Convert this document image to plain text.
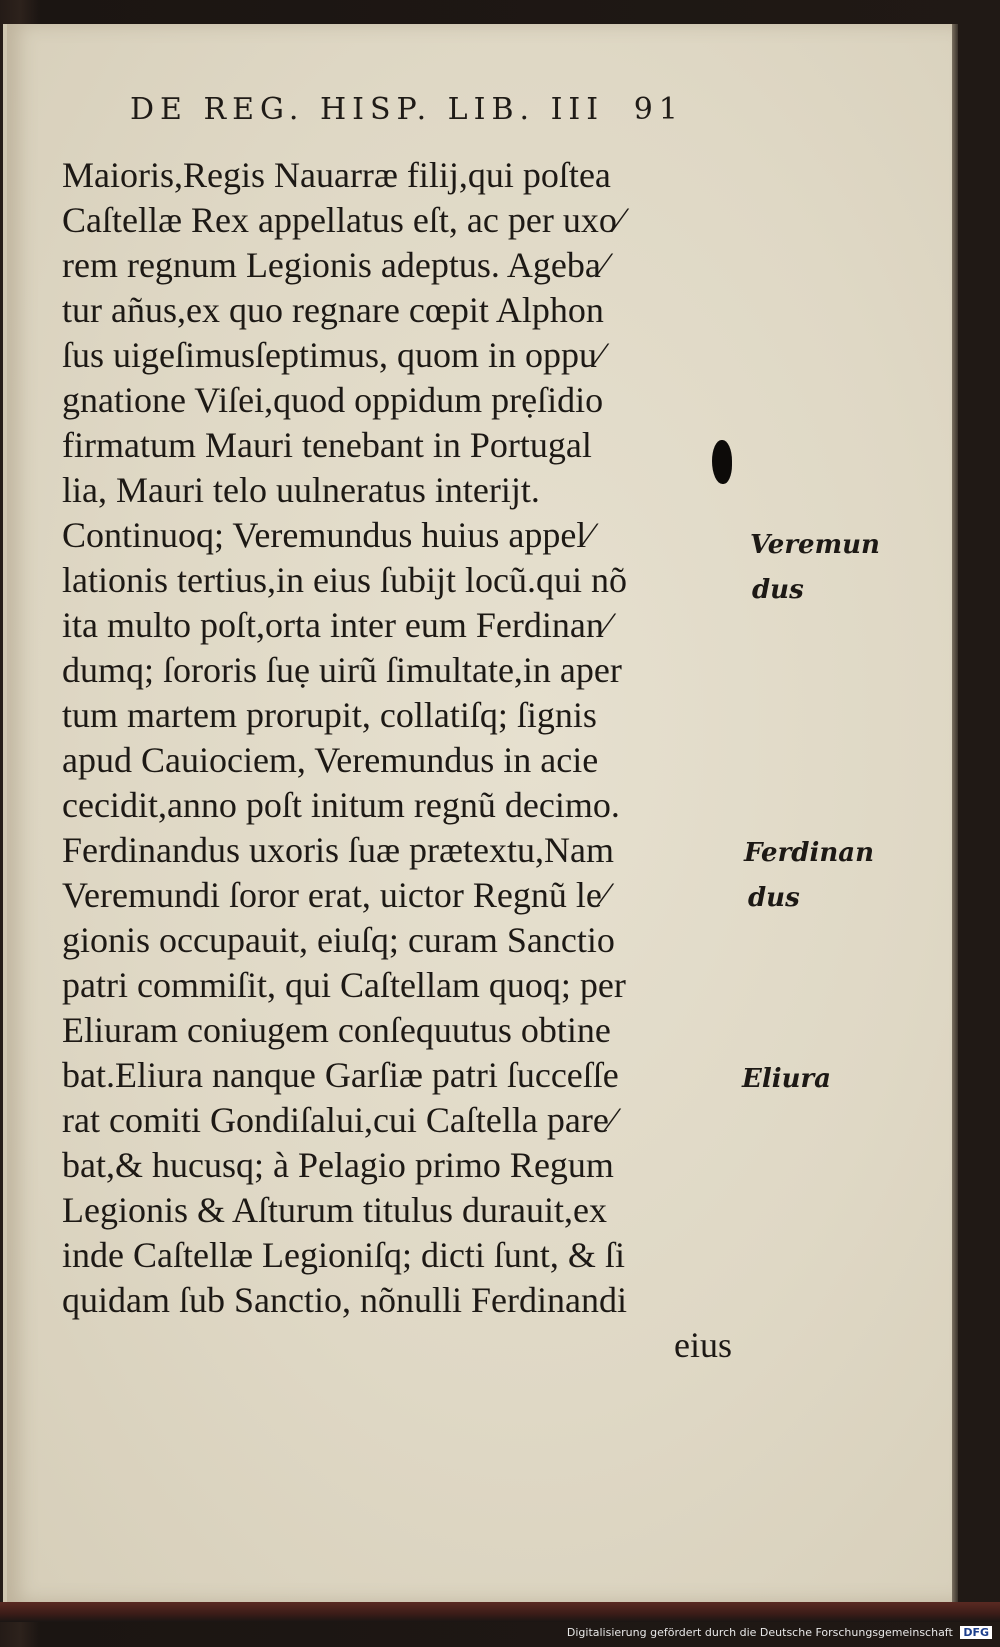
DE REG. HISP. LIB. III 91
Maioris,Regis Nauarræ filij,qui poſtea
Caſtellæ Rex appellatus eſt, ac per uxo⁄
rem regnum Legionis adeptus. Ageba⁄
tur añus,ex quo regnare cœpit Alphon
ſus uigeſimusſeptimus, quom in oppu⁄
gnatione Viſei,quod oppidum prẹſidio
firmatum Mauri tenebant in Portugal
lia, Mauri telo uulneratus interijt.
Continuoq; Veremundus huius appel⁄
lationis tertius,in eius ſubijt locũ.qui nõ
ita multo poſt,orta inter eum Ferdinan⁄
dumq; ſororis ſuẹ uirũ ſimultate,in aper
tum martem prorupit, collatiſq; ſignis
apud Cauiociem, Veremundus in acie
cecidit,anno poſt initum regnũ decimo.
Ferdinandus uxoris ſuæ prætextu,Nam
Veremundi ſoror erat, uictor Regnũ le⁄
gionis occupauit, eiuſq; curam Sanctio
patri commiſit, qui Caſtellam quoq; per
Eliuram coniugem conſequutus obtine
bat.Eliura nanque Garſiæ patri ſucceſſe
rat comiti Gondiſalui,cui Caſtella pare⁄
bat,& hucusq; à Pelagio primo Regum
Legionis & Aſturum titulus durauit,ex
inde Caſtellæ Legioniſq; dicti ſunt, & ſi
quidam ſub Sanctio, nõnulli Ferdinandi
eius
Veremun
dus
Ferdinan
dus
Eliura
Digitalisierung gefördert durch die Deutsche Forschungsgemeinschaft DFG
